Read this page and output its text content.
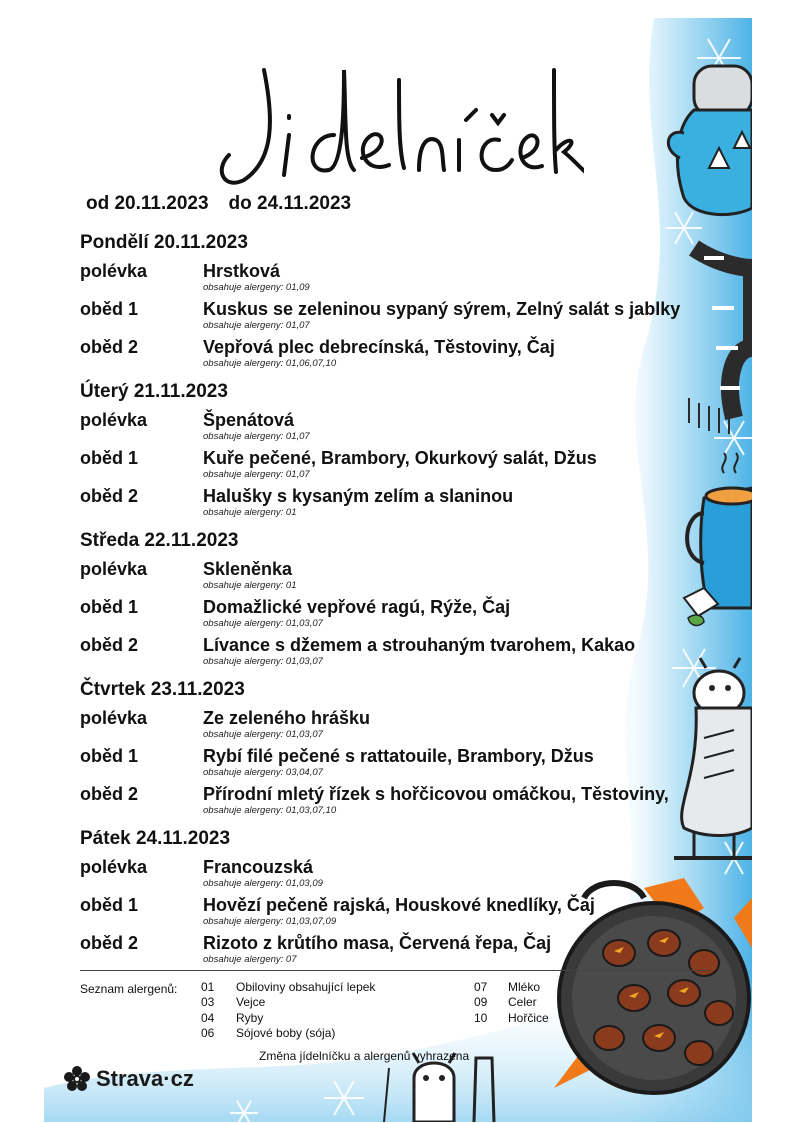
od 20.11.2023 do 24.11.2023
Pondělí 20.11.2023
polévka	Hrstková
obsahuje alergeny: 01,09
oběd 1	Kuskus se zeleninou sypaný sýrem, Zelný salát s jablky
obsahuje alergeny: 01,07
oběd 2	Vepřová plec debrecínská, Těstoviny, Čaj
obsahuje alergeny: 01,06,07,10
Úterý 21.11.2023
polévka	Špenátová
obsahuje alergeny: 01,07
oběd 1	Kuře pečené, Brambory, Okurkový salát, Džus
obsahuje alergeny: 01,07
oběd 2	Halušky s kysaným zelím a slaninou
obsahuje alergeny: 01
Středa 22.11.2023
polévka	Skleněnka
obsahuje alergeny: 01
oběd 1	Domažlické vepřové ragú, Rýže, Čaj
obsahuje alergeny: 01,03,07
oběd 2	Lívance s džemem a strouhaným tvarohem, Kakao
obsahuje alergeny: 01,03,07
Čtvrtek 23.11.2023
polévka	Ze zeleného hrášku
obsahuje alergeny: 01,03,07
oběd 1	Rybí filé pečené s rattatouile, Brambory, Džus
obsahuje alergeny: 03,04,07
oběd 2	Přírodní mletý řízek s hořčicovou omáčkou, Těstoviny,
obsahuje alergeny: 01,03,07,10
Pátek 24.11.2023
polévka	Francouzská
obsahuje alergeny: 01,03,09
oběd 1	Hovězí pečeně rajská, Houskové knedlíky, Čaj
obsahuje alergeny: 01,03,07,09
oběd 2	Rizoto z krůtího masa, Červená řepa, Čaj
obsahuje alergeny: 07
Seznam alergenů: 01 Obiloviny obsahující lepek
03 Vejce
04 Ryby
06 Sójové boby (sója)
07 Mléko
09 Celer
10 Hořčice
Změna jídelníčku a alergenů vyhrazena
Strava·cz
